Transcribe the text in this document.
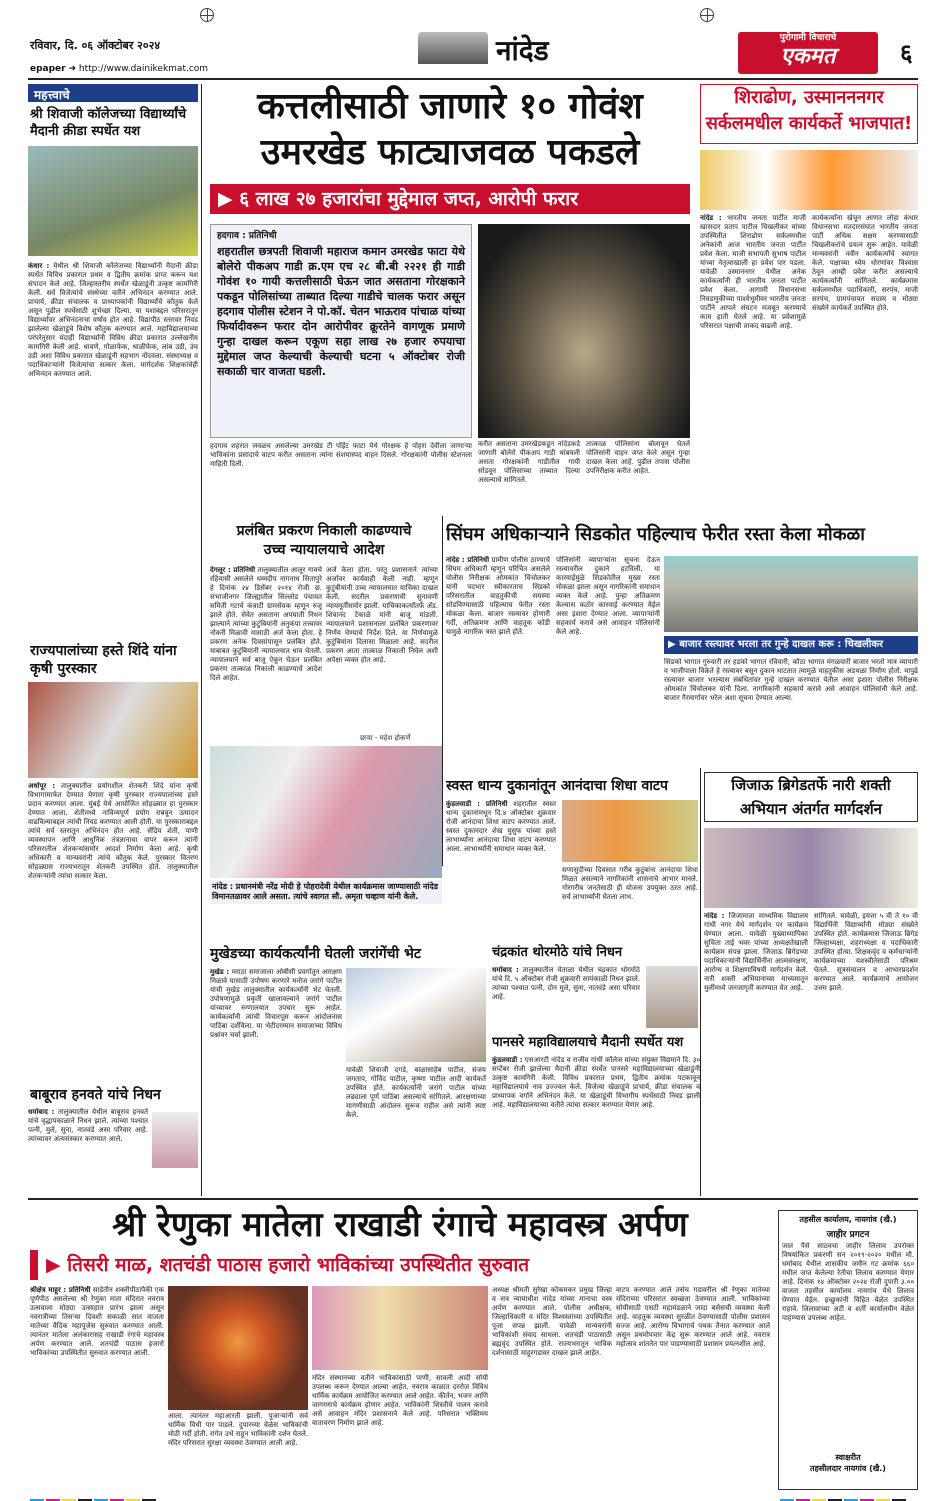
रविवार, दि. ०६ ऑक्टोबर २०२४	नांदेड	पुरोगामी विचाराचे
एकमत	६
epaper ➜ http://www.dainikekmat.com
महत्त्वाचे
श्री शिवाजी कॉलेजच्या विद्यार्थ्यांचे मैदानी क्रीडा स्पर्धेत यश
कंधार : येथील श्री शिवाजी कॉलेजच्या विद्यार्थ्यांनी मैदानी क्रीडा स्पर्धेत विविध प्रकारात प्रथम व द्वितीय क्रमांक प्राप्त करून यश संपादन केले आहे. जिल्हास्तरीय स्पर्धेत खेळाडूंनी उत्कृष्ट कामगिरी केली. सर्व विजेत्यांचे संस्थेच्या वतीने अभिनंदन करण्यात आले. प्राचार्य, क्रीडा संचालक व प्राध्यापकांनी विद्यार्थ्यांचे कौतुक केले असून पुढील स्पर्धेसाठी शुभेच्छा दिल्या. या यशाबद्दल परिसरातून विद्यार्थ्यांवर अभिनंदनाचा वर्षाव होत आहे. विद्यापीठ स्तरावर निवड झालेल्या खेळाडूंचे विशेष कौतुक करण्यात आले. महाविद्यालयाच्या परंपरेनुसार यंदाही विद्यार्थ्यांनी विविध क्रीडा प्रकारात उल्लेखनीय कामगिरी केली आहे. धावणे, गोळाफेक, थाळीफेक, लांब उडी, उंच उडी अशा विविध प्रकारात खेळाडूंनी सहभाग नोंदवला. संस्थाध्यक्ष व पदाधिकाऱ्यांनी विजेत्यांचा सत्कार केला. मार्गदर्शक शिक्षकांचेही अभिनंदन करण्यात आले.
राज्यपालांच्या हस्ते शिंदे यांना कृषी पुरस्कार
अर्धापूर : तालुक्यातील प्रयोगशील शेतकरी शिंदे यांना कृषी विभागामार्फत देण्यात येणारा कृषी पुरस्कार राज्यपालांच्या हस्ते प्रदान करण्यात आला. मुंबई येथे आयोजित सोहळ्यात हा पुरस्कार देण्यात आला. शेतीमध्ये नाविन्यपूर्ण प्रयोग राबवून उत्पादन वाढविल्याबद्दल त्यांची निवड करण्यात आली होती. या पुरस्काराबद्दल त्यांचे सर्व स्तरातून अभिनंदन होत आहे. सेंद्रिय शेती, पाणी व्यवस्थापन आणि आधुनिक तंत्रज्ञानाचा वापर करून त्यांनी परिसरातील शेतकऱ्यांसमोर आदर्श निर्माण केला आहे. कृषी अधिकारी व मान्यवरांनी त्यांचे कौतुक केले. पुरस्कार वितरण सोहळ्यास राज्यभरातून शेतकरी उपस्थित होते. तालुक्यातील शेतकऱ्यांनी त्यांचा सत्कार केला.
बाबूराव हनवते यांचे निधन
धर्माबाद : तालुक्यातील येथील बाबूराव हनवते यांचे वृद्धापकाळाने निधन झाले. त्यांच्या पश्चात पत्नी, मुले, सुना, नातवंडे असा परिवार आहे. त्यांच्यावर अंत्यसंस्कार करण्यात आले.
कत्तलीसाठी जाणारे १० गोवंश
उमरखेड फाट्याजवळ पकडले
▶ ६ लाख २७ हजारांचा मुद्देमाल जप्त, आरोपी फरार
हदगाव : प्रतिनिधी
शहरातील छत्रपती शिवाजी महाराज कमान उमरखेड फाटा येथे बोलेरो पीकअप गाडी क्र.एम एच २८ बी.बी २२२१ ही गाडी गोवंश १० गायी कत्तलीसाठी घेऊन जात असताना गोरक्षकाने पकडून पोलिसांच्या ताब्यात दिल्या गाडीचे चालक फरार असून हदगाव पोलीस स्टेशन ने पो.कॉ. चेतन भाऊराव पांचाळ यांच्या फिर्यादीवरून फरार दोन आरोपीवर क्रूरतेने वागणूक प्रमाणे गुन्हा दाखल करून एकूण सहा लाख २७ हजार रुपयाचा मुद्देमाल जप्त केल्याची केल्याची घटना ५ ऑक्टोबर रोजी सकाळी चार वाजता घडली.
करीत असताना उमरखेडकडून नांदेडकडे जाणारी बोलेरो पीकअप गाडी थांबवली असता गोरक्षकांनी गाडीतील गायी सोडवून पोलिसांच्या ताब्यात दिल्या असल्याचे सांगितले.
तात्काळ पोलिसांना बोलावून घेतले पोलिसांनी वाहन जप्त केले असून गुन्हा दाखल केला आहे. पुढील तपास पोलीस उपनिरीक्षक करीत आहेत.
हदगाव शहरात जवळच असलेल्या उमरखेड टी पॉईंट फाटा येथे गोरक्षक हे पोहरा देवीला जाणाऱ्या भाविकांना प्रसादाचे वाटप करीत असताना त्यांना संशयास्पद वाहन दिसले. गोरक्षकांनी पोलीस स्टेशनला माहिती दिली.
शिराढोण, उस्मानननगर
सर्कलमधील कार्यकर्ते भाजपात!
नांदेड : भारतीय जनता पार्टीत माजी खासदार प्रताप पाटील चिखलीकर यांच्या उपस्थितीत शिराढोण सर्कलमधील अनेकांनी आज भारतीय जनता पार्टीत प्रवेश केला. माजी सभापती सुभाष पाटील यांच्या नेतृत्वाखाली हा प्रवेश पार पडला. यावेळी उस्माननगर येथील अनेक कार्यकर्त्यांनी ही भारतीय जनता पार्टीत प्रवेश केला. आगामी विधानसभा निवडणुकीच्या पार्श्वभूमीवर भारतीय जनता पार्टीने आपले संघटन मजबूत करण्याचे काम हाती घेतले आहे. या प्रवेशामुळे परिसरात पक्षाची ताकद वाढली आहे.
कार्यकर्त्यांना खेचून आणत लोहा कंधार विधानसभा मतदारसंघात भारतीय जनता पार्टी अधिक सक्षम करण्यासाठी चिखलीकरांचे प्रयत्न सुरू आहेत. यावेळी मान्यवरांनी नवीन कार्यकर्त्यांचे स्वागत केले. पक्षाच्या ध्येय धोरणांवर विश्वास ठेवून आम्ही प्रवेश करीत असल्याचे कार्यकर्त्यांनी सांगितले. कार्यक्रमास सर्कलमधील पदाधिकारी, सरपंच, माजी सरपंच, ग्रामपंचायत सदस्य व मोठ्या संख्येने कार्यकर्ते उपस्थित होते.
प्रलंबित प्रकरण निकाली काढण्याचे
उच्च न्यायालयाचे आदेश
देगलूर : प्रतिनिधी तालुक्यातील आलूर गावचे रहिवासी असलेले धम्मदीप नागनाथ सितापुरे हे दिनांक २४ डिसेंबर २०१४ रोजी छ. संभाजीनगर जिल्ह्यातील सिल्लोड पंचायत समिती गटाचे कंत्राटी ग्रामसेवक म्हणून रुजू झाले होते. सेवेत असताना अपघाती निधन झाल्याने त्यांच्या कुटुंबियांनी अनुकंपा तत्त्वावर नोकरी मिळावी यासाठी अर्ज केला होता. हे प्रकरण अनेक दिवसांपासून प्रलंबित होते. याबाबत कुटुंबियांनी न्यायालयात धाव घेतली. न्यायालयाने सर्व बाजू ऐकून घेऊन प्रलंबित प्रकरण तात्काळ निकाली काढण्याचे आदेश दिले आहेत.
अर्ज केला होता. परंतु प्रशासनाने त्यांच्या अर्जावर कार्यवाही केली नाही. म्हणून कुटुंबीयांनी उच्च न्यायालयात याचिका दाखल केली. सदरील प्रकरणाची सुनावणी न्यायमूर्तींसमोर झाली. याचिकाकर्त्यांतर्फे ॲड. शिवानंद टेकाळे यांनी बाजू मांडली. न्यायालयाने प्रशासनाला प्रलंबित प्रकरणावर निर्णय घेण्याचे निर्देश दिले. या निर्णयामुळे कुटुंबियांना दिलासा मिळाला आहे. सदरील प्रकरण आता तात्काळ निकाली निघेल अशी अपेक्षा व्यक्त होत आहे.
सिंघम अधिकाऱ्याने सिडकोत पहिल्याच फेरीत रस्ता केला मोकळा
नांदेड : प्रतिनिधी ग्रामीण पोलीस ठाण्याचे सिंघम अधिकारी म्हणून परिचित असलेले पोलीस निरीक्षक ओमकांत चिंचोलकर यांनी पदभार स्वीकारताच सिडको परिसरातील वाहतुकीची समस्या सोडविण्यासाठी पहिल्याच फेरीत रस्ता मोकळा केला. बाजार रस्त्यावर होणारी गर्दी, अतिक्रमण आणि वाहतूक कोंडी यामुळे नागरिक त्रस्त झाले होते.
पोलिसांनी व्यापाऱ्यांना सूचना देऊन रस्त्यावरील दुकाने हटविली. या कारवाईमुळे सिडकोतील मुख्य रस्ता मोकळा झाला असून नागरिकांनी समाधान व्यक्त केले आहे. पुन्हा अतिक्रमण केल्यास कठोर कारवाई करण्यात येईल असा इशारा देण्यात आला. व्यापाऱ्यांनी सहकार्य करावे असे आवाहन पोलिसांनी केले आहे.
▶ बाजार रस्त्यावर भरला तर गुन्हे दाखल करू : चिखलीकर
सिडको भागात गुरुवारी तर हडको भागात रविवारी, कौठा भागात मंगळवारी बाजार भरतो मात्र व्यापारी व भाजीपाला विक्रेते हे रस्त्यावर बसून दुकान थाटतात त्यामुळे वाहतुकीस अडथळा निर्माण होतो. यापुढे रस्त्यावर बाजार भरल्यास संबंधितांवर गुन्हे दाखल करण्यात येतील असा इशारा पोलीस निरीक्षक ओमकांत चिंचोलकर यांनी दिला. नागरिकांनी सहकार्य करावे असे आवाहन पोलिसांनी केले आहे. बाजार गैरमार्गावर भरेल अशा सूचना देण्यात आल्या.
छाया - महेश होकर्णे
नांदेड : प्रधानमंत्री नरेंद्र मोदी हे पोहरादेवी येथील कार्यक्रमास जाण्यासाठी नांदेड विमानतळावर आले असता. त्यांचे स्वागत सौ. अमृता चव्हाण यांनी केले.
स्वस्त धान्य दुकानांतून आनंदाचा शिधा वाटप
कुंडलवाडी : प्रतिनिधी शहरातील स्वस्त धान्य दुकानांमधून दि.४ ऑक्टोबर शुक्रवार रोजी आनंदाचा शिधा वाटप करण्यात आले. स्वस्त दुकानदार शेख युसुफ यांच्या हस्ते लाभार्थ्यांना आनंदाचा शिधा वाटप करण्यात आला. लाभार्थ्यांनी समाधान व्यक्त केले.
सणासुदीच्या दिवसात गरीब कुटुंबांना आनंदाचा शिधा मिळत असल्याने नागरिकांनी शासनाचे आभार मानले. गोरगरीब जनतेसाठी ही योजना उपयुक्त ठरत आहे. सर्व लाभार्थ्यांनी घेतला लाभ.
जिजाऊ ब्रिगेडतर्फे नारी शक्ती
अभियान अंतर्गत मार्गदर्शन
नांदेड : जिजामाता माध्यमिक विद्यालय गांधी नगर येथे मार्गदर्शन पर कार्यक्रम घेण्यात आला. यावेळी मुख्याध्यापिका सुचिता ताई भवर यांच्या अध्यक्षतेखाली कार्यक्रम संपन्न झाला. जिजाऊ ब्रिगेडच्या पदाधिकाऱ्यांनी विद्यार्थिनींना आत्मसंरक्षण, आरोग्य व शिक्षणाविषयी मार्गदर्शन केले. नारी शक्ती अभियानाच्या माध्यमातून मुलींमध्ये जनजागृती करण्यात येत आहे.
सांगितले. यावेळी, इयत्ता ५ वी ते १० वी विद्यार्थिनी विद्यार्थ्यांनी मोठ्या संख्येने उपस्थित होते. कार्यक्रमास जिजाऊ ब्रिगेड जिल्हाध्यक्षा, शहराध्यक्षा व पदाधिकारी उपस्थित होत्या. शिक्षकवृंद व कर्मचाऱ्यांनी कार्यक्रमाच्या यशस्वीतेसाठी परिश्रम घेतले. सूत्रसंचालन व आभारप्रदर्शन करण्यात आले. कार्यक्रमाचे आयोजन उत्तम झाले.
मुखेडच्या कार्यकर्त्यांनी घेतली जरांगेंची भेट
मुखेड : मराठा समाजाला ओबीसी प्रवर्गातून आरक्षण मिळावे यासाठी उपोषण करणारे मनोज जरांगे पाटील यांची मुखेड तालुक्यातील कार्यकर्त्यांनी भेट घेतली. उपोषणामुळे प्रकृती खालावल्याने जरांगे पाटील यांच्यावर रुग्णालयात उपचार सुरू आहेत. कार्यकर्त्यांनी त्यांची विचारपूस करून आंदोलनास पाठिंबा दर्शविला. या भेटीदरम्यान समाजाच्या विविध प्रश्नांवर चर्चा झाली.
यावेळी शिवाजी दगडे, बाळासाहेब पाटील, संजय जगताप, गोविंद पाटील, कृष्णा पाटील आदी कार्यकर्ते उपस्थित होते. कार्यकर्त्यांनी जरांगे पाटील यांच्या लढ्याला पूर्ण पाठिंबा असल्याचे सांगितले. आरक्षणाच्या मागणीसाठी आंदोलन सुरूच राहील असे त्यांनी स्पष्ट केले.
चंद्रकांत थोरमोठे यांचे निधन
धर्माबाद : तालुक्यातील येताळा येथील चंद्रकांत थोरमोठे यांचे दि. ५ ऑक्टोबर रोजी शुक्रवारी सायंकाळी निधन झाले. त्यांच्या पश्चात पत्नी, दोन मुले, सुना, नातवंडे असा परिवार आहे.
पानसरे महाविद्यालयाचे मैदानी स्पर्धेत यश
कुंडलवाडी : एसआरटी नांदेड व राजीव गांधी कॉलेज यांच्या संयुक्त विद्यमाने दि. ३० सप्टेंबर रोजी झालेल्या मैदानी क्रीडा स्पर्धेत पानसरे महाविद्यालयाच्या खेळाडूंनी उत्कृष्ट कामगिरी केली. विविध प्रकारात प्रथम, द्वितीय क्रमांक पटकावून महाविद्यालयाचे नाव उज्ज्वल केले. विजेत्या खेळाडूंचे प्राचार्य, क्रीडा संचालक व प्राध्यापक वर्गाने अभिनंदन केले. या खेळाडूंची विभागीय स्पर्धेसाठी निवड झाली आहे. महाविद्यालयाच्या वतीने त्यांचा सत्कार करण्यात येणार आहे.
श्री रेणुका मातेला राखाडी रंगाचे महावस्त्र अर्पण
▶ तिसरी माळ, शतचंडी पाठास हजारो भाविकांच्या उपस्थितीत सुरुवात
श्रीक्षेत्र माहूर : प्रतिनिधी साडेतीन शक्तीपीठापैकी एक पूर्णपीठ असलेल्या श्री रेणुका माता मंदिरात नवरात्र उत्सवाला मोठ्या उत्साहात प्रारंभ झाला असून नवरात्रीच्या तिसऱ्या दिवशी सकाळी सात वाजता मातेच्या वैदिक महापूजेस सुरुवात करण्यात आली. त्यानंतर मातेला अलंकारासह राखाडी रंगाचे महावस्त्र अर्पण करण्यात आले. शतचंडी पाठास हजारो भाविकांच्या उपस्थितीत सुरुवात करण्यात आली.
आला. त्यानंतर महाआरती झाली. पुजाऱ्यांनी सर्व धार्मिक विधी पार पाडले. दुपारच्या वेळेस भाविकांची मोठी गर्दी होती. रांगेत उभे राहून भाविकांनी दर्शन घेतले. मंदिर परिसरात सुरक्षा व्यवस्था ठेवण्यात आली आहे.
मंदिर संस्थानच्या वतीने भाविकांसाठी पाणी, सावली आदी सोयी उपलब्ध करून देण्यात आल्या आहेत. नवरात्र काळात दररोज विविध धार्मिक कार्यक्रम आयोजित करण्यात आले आहेत. कीर्तन, भजन आणि जागरणाचे कार्यक्रम होणार आहेत. भाविकांनी शिस्तीचे पालन करावे असे आवाहन मंदिर प्रशासनाने केले आहे. परिसरात भक्तिमय वातावरण निर्माण झाले आहे.
अध्यक्ष श्रीमती सुरेखा कोकमकर प्रमुख जिल्हा व सत्र न्यायाधीश नांदेड यांच्या मानाचा वस्त्र अर्पण करण्यात आले. पोलीस अधीक्षक, जिल्हाधिकारी व मंदिर विश्वस्तांच्या उपस्थितीत पूजा संपन्न झाली. यावेळी मान्यवरांनी भाविकांशी संवाद साधला. शतचंडी पाठासाठी ब्रह्मवृंद उपस्थित होते. राज्यभरातून भाविक दर्शनासाठी माहूरगडावर दाखल झाले आहेत.
वाटप करण्यात आले तसेच गडावरील श्री रेणुका मातेच्या मंदिराच्या परिसरात स्वच्छता ठेवण्यात आली. भाविकांच्या सोयीसाठी एसटी महामंडळाने जादा बसेसची व्यवस्था केली आहे. वाहतूक व्यवस्था सुरळीत ठेवण्यासाठी पोलीस प्रशासन सज्ज आहे. आरोग्य विभागाचे पथक तैनात करण्यात आले असून प्रथमोपचार केंद्र सुरू करण्यात आले आहे. नवरात्र महोत्सव शांततेत पार पाडण्यासाठी प्रशासन प्रयत्नशील आहे.
तहसील कार्यालय, नायगांव (खै.)
जाहीर प्रगटन
जात पैसे साठवचा जाहीर लिलाव उपरोक्त विषयांकित प्रकरणी सन २०१९-२०२० मधील मौ. धर्माबाद येथील शासकीय जमीन गट क्रमांक ६६० मधील जप्त केलेल्या रेतीचा लिलाव करण्यात येणार आहे. दिनांक १४ ऑक्टोबर २०२४ रोजी दुपारी ३.०० वाजता तहसील कार्यालय नायगांव येथे लिलाव घेण्यात येईल. इच्छुकांनी विहित वेळेत उपस्थित राहावे. लिलावाच्या अटी व शर्ती कार्यालयीन वेळेत पाहण्यास उपलब्ध आहेत.
स्वाक्षरीत
तहसीलदार नायगांव (खै.)
